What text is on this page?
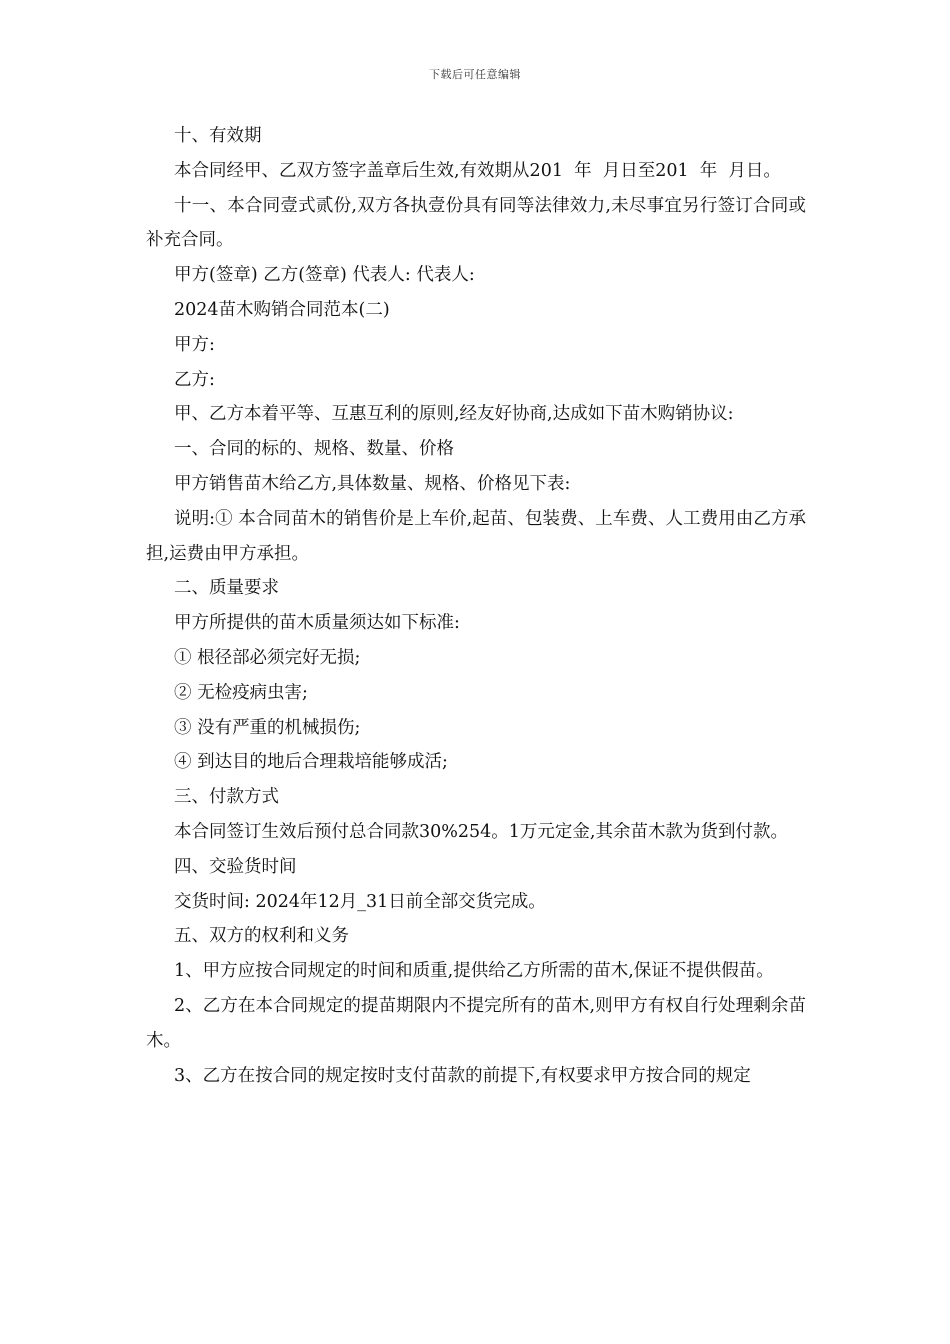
下载后可任意编辑

十、有效期

本合同经甲、乙双方签字盖章后生效,有效期从201  年  月日至201  年  月日。

十一、本合同壹式贰份,双方各执壹份具有同等法律效力,未尽事宜另行签订合同或补充合同。

甲方(签章) 乙方(签章) 代表人: 代表人:

2024苗木购销合同范本(二)

甲方:

乙方:

甲、乙方本着平等、互惠互利的原则,经友好协商,达成如下苗木购销协议:

一、合同的标的、规格、数量、价格

甲方销售苗木给乙方,具体数量、规格、价格见下表:

说明:① 本合同苗木的销售价是上车价,起苗、包装费、上车费、人工费用由乙方承担,运费由甲方承担。

二、质量要求

甲方所提供的苗木质量须达如下标准:

① 根径部必须完好无损;

② 无检疫病虫害;

③ 没有严重的机械损伤;

④ 到达目的地后合理栽培能够成活;

三、付款方式

本合同签订生效后预付总合同款30%254。1万元定金,其余苗木款为货到付款。

四、交验货时间

交货时间: 2024年12月_31日前全部交货完成。

五、双方的权利和义务

1、甲方应按合同规定的时间和质重,提供给乙方所需的苗木,保证不提供假苗。

2、乙方在本合同规定的提苗期限内不提完所有的苗木,则甲方有权自行处理剩余苗木。

3、乙方在按合同的规定按时支付苗款的前提下,有权要求甲方按合同的规定
